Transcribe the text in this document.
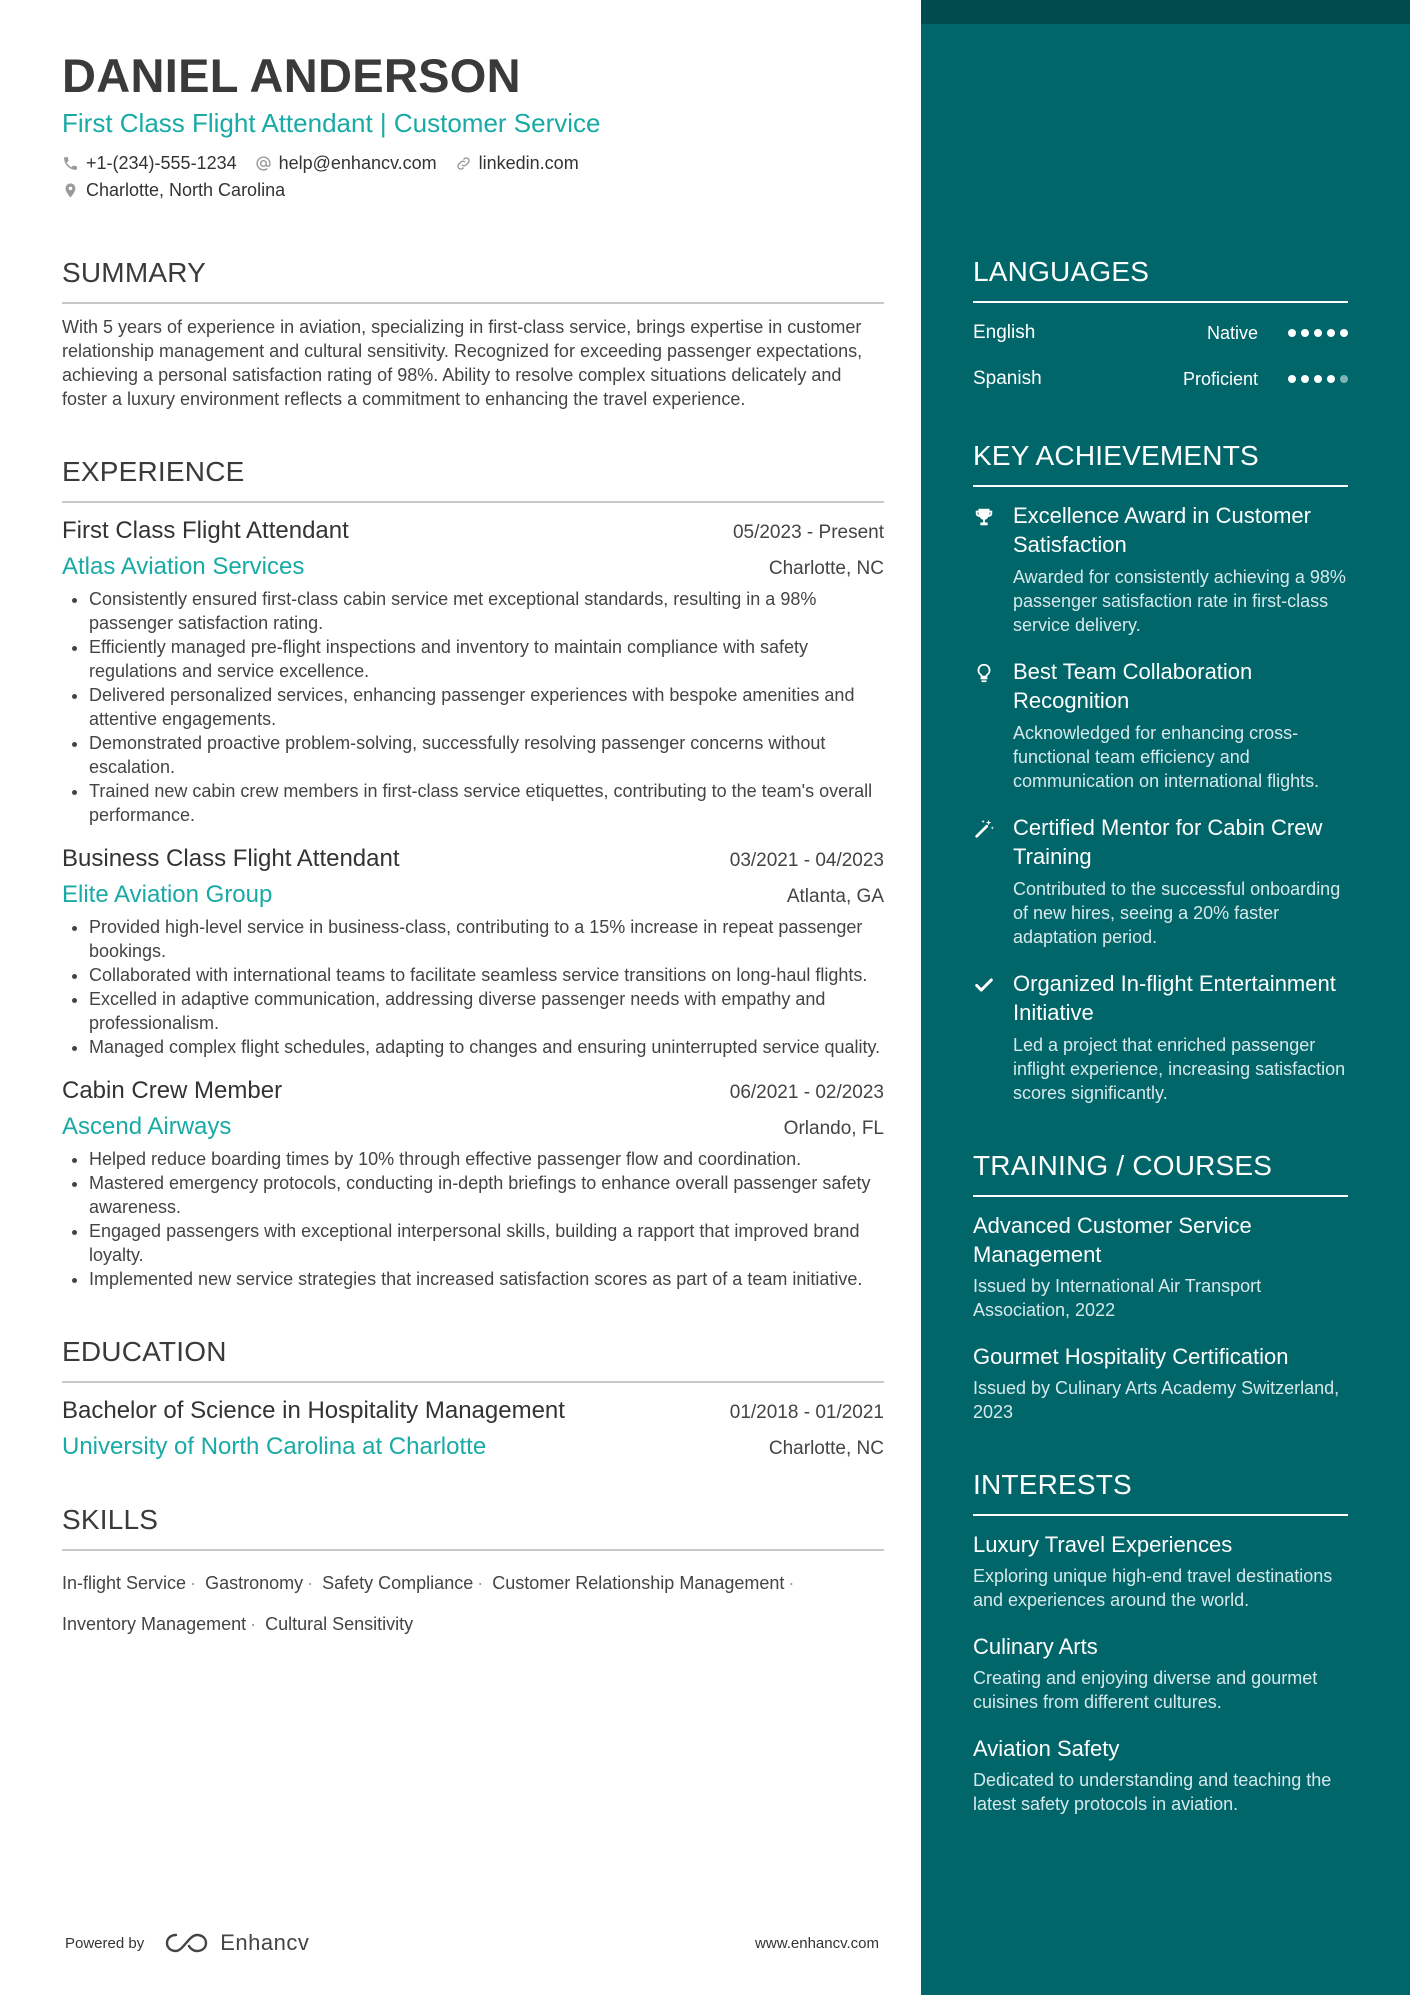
DANIEL ANDERSON
First Class Flight Attendant | Customer Service
+1-(234)-555-1234 help@enhancv.com linkedin.com
Charlotte, North Carolina
SUMMARY
With 5 years of experience in aviation, specializing in first-class service, brings expertise in customer relationship management and cultural sensitivity. Recognized for exceeding passenger expectations, achieving a personal satisfaction rating of 98%. Ability to resolve complex situations delicately and foster a luxury environment reflects a commitment to enhancing the travel experience.
EXPERIENCE
First Class Flight Attendant	05/2023 - Present
Atlas Aviation Services	Charlotte, NC
• Consistently ensured first-class cabin service met exceptional standards, resulting in a 98% passenger satisfaction rating.
• Efficiently managed pre-flight inspections and inventory to maintain compliance with safety regulations and service excellence.
• Delivered personalized services, enhancing passenger experiences with bespoke amenities and attentive engagements.
• Demonstrated proactive problem-solving, successfully resolving passenger concerns without escalation.
• Trained new cabin crew members in first-class service etiquettes, contributing to the team's overall performance.
Business Class Flight Attendant	03/2021 - 04/2023
Elite Aviation Group	Atlanta, GA
• Provided high-level service in business-class, contributing to a 15% increase in repeat passenger bookings.
• Collaborated with international teams to facilitate seamless service transitions on long-haul flights.
• Excelled in adaptive communication, addressing diverse passenger needs with empathy and professionalism.
• Managed complex flight schedules, adapting to changes and ensuring uninterrupted service quality.
Cabin Crew Member	06/2021 - 02/2023
Ascend Airways	Orlando, FL
• Helped reduce boarding times by 10% through effective passenger flow and coordination.
• Mastered emergency protocols, conducting in-depth briefings to enhance overall passenger safety awareness.
• Engaged passengers with exceptional interpersonal skills, building a rapport that improved brand loyalty.
• Implemented new service strategies that increased satisfaction scores as part of a team initiative.
EDUCATION
Bachelor of Science in Hospitality Management	01/2018 - 01/2021
University of North Carolina at Charlotte	Charlotte, NC
SKILLS
In-flight Service · Gastronomy · Safety Compliance · Customer Relationship Management ·
Inventory Management · Cultural Sensitivity
Powered by	Enhancv	www.enhancv.com
LANGUAGES
English	Native
Spanish	Proficient
KEY ACHIEVEMENTS
Excellence Award in Customer Satisfaction
Awarded for consistently achieving a 98% passenger satisfaction rate in first-class service delivery.
Best Team Collaboration Recognition
Acknowledged for enhancing cross-functional team efficiency and communication on international flights.
Certified Mentor for Cabin Crew Training
Contributed to the successful onboarding of new hires, seeing a 20% faster adaptation period.
Organized In-flight Entertainment Initiative
Led a project that enriched passenger inflight experience, increasing satisfaction scores significantly.
TRAINING / COURSES
Advanced Customer Service Management
Issued by International Air Transport Association, 2022
Gourmet Hospitality Certification
Issued by Culinary Arts Academy Switzerland, 2023
INTERESTS
Luxury Travel Experiences
Exploring unique high-end travel destinations and experiences around the world.
Culinary Arts
Creating and enjoying diverse and gourmet cuisines from different cultures.
Aviation Safety
Dedicated to understanding and teaching the latest safety protocols in aviation.
